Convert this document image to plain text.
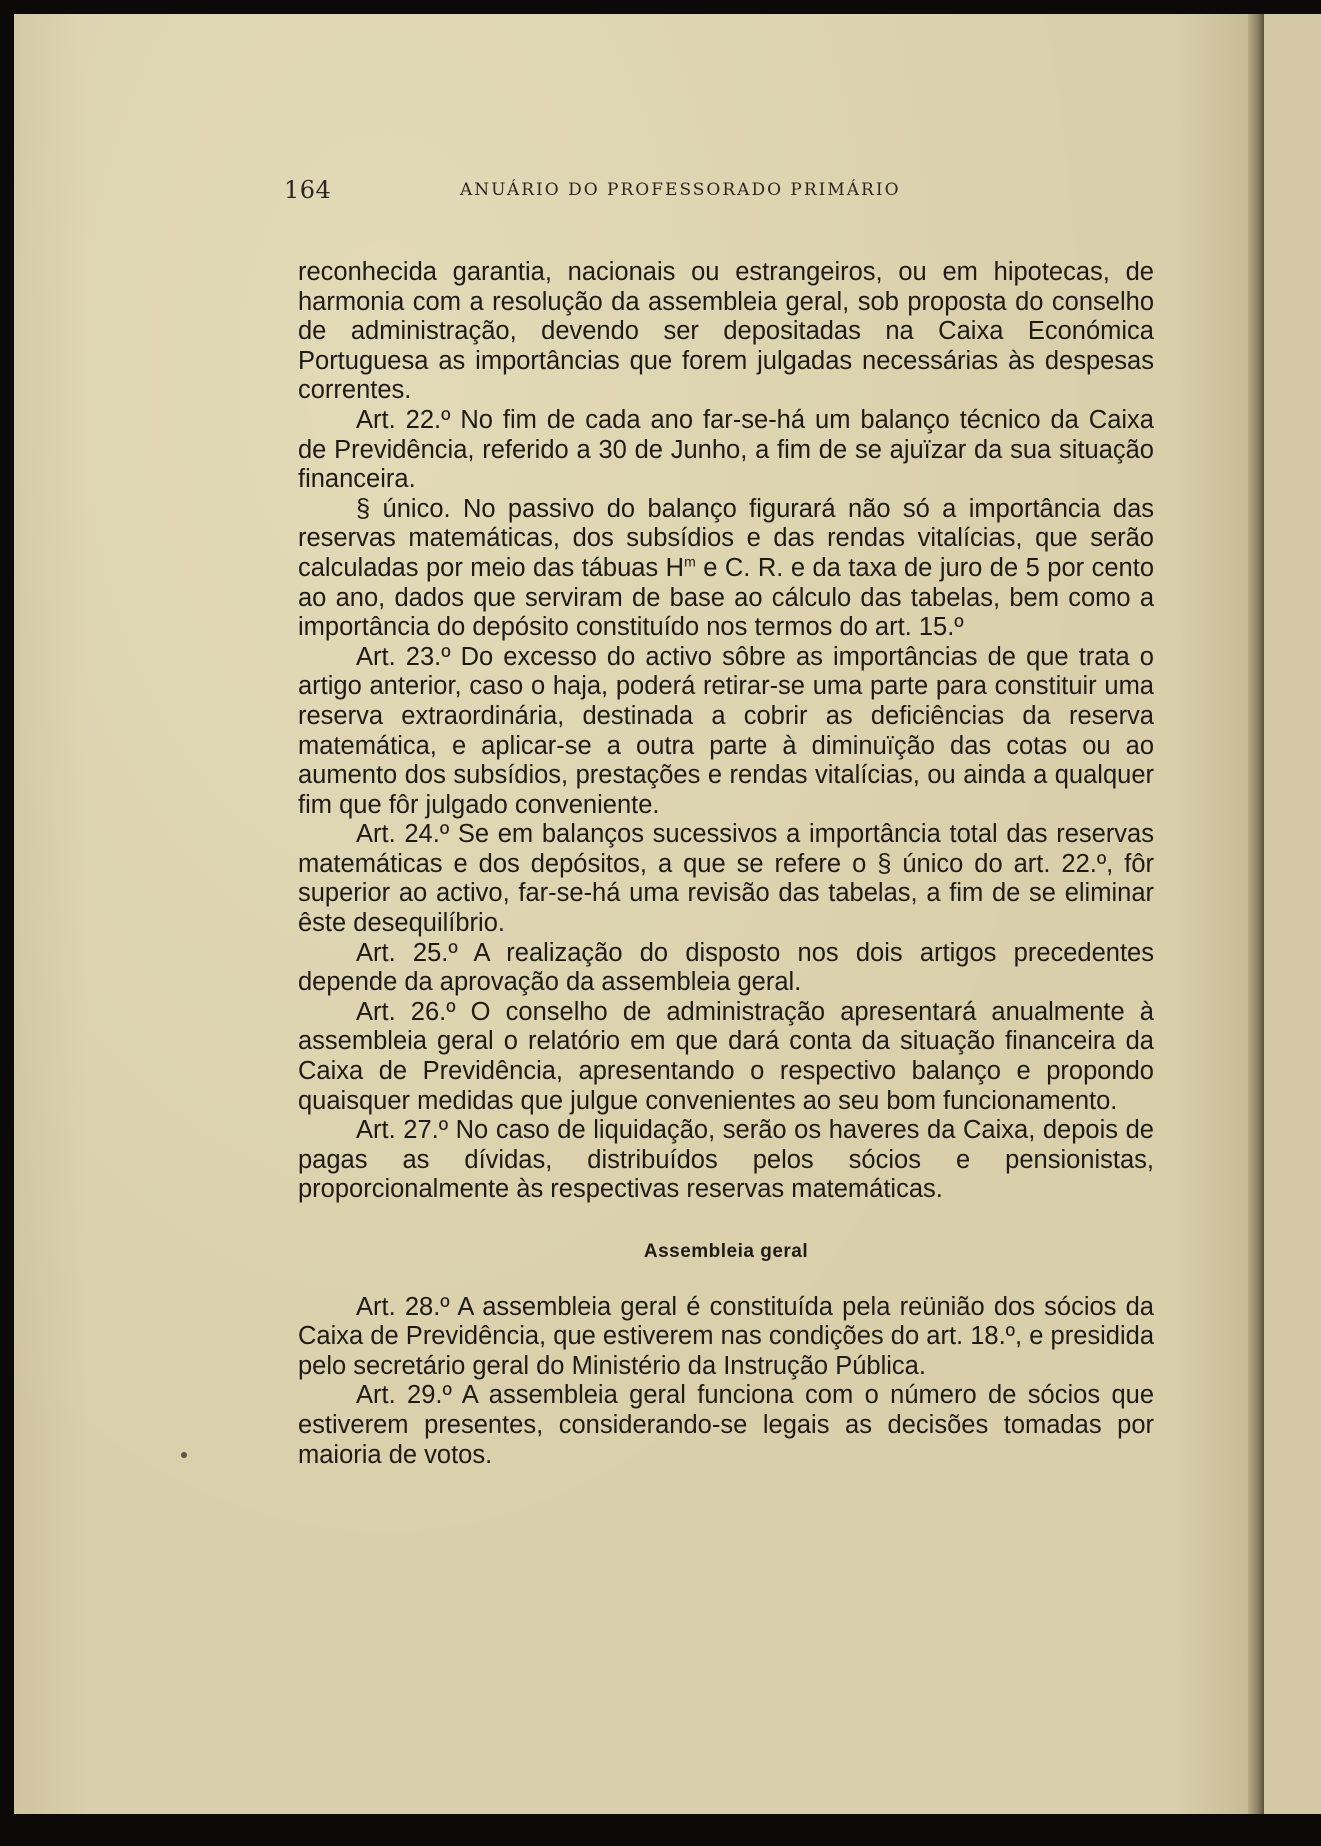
164	ANUÁRIO DO PROFESSORADO PRIMÁRIO

reconhecida garantia, nacionais ou estrangeiros, ou em hipotecas, de harmonia com a resolução da assembleia geral, sob proposta do conselho de administração, devendo ser depositadas na Caixa Económica Portuguesa as importâncias que forem julgadas necessárias às despesas correntes.

Art. 22.º No fim de cada ano far-se-há um balanço técnico da Caixa de Previdência, referido a 30 de Junho, a fim de se ajuïzar da sua situação financeira.

§ único. No passivo do balanço figurará não só a importância das reservas matemáticas, dos subsídios e das rendas vitalícias, que serão calculadas por meio das tábuas $H^m$ e C. R. e da taxa de juro de 5 por cento ao ano, dados que serviram de base ao cálculo das tabelas, bem como a importância do depósito constituído nos termos do art. 15.º

Art. 23.º Do excesso do activo sôbre as importâncias de que trata o artigo anterior, caso o haja, poderá retirar-se uma parte para constituir uma reserva extraordinária, destinada a cobrir as deficiências da reserva matemática, e aplicar-se a outra parte à diminuïção das cotas ou ao aumento dos subsídios, prestações e rendas vitalícias, ou ainda a qualquer fim que fôr julgado conveniente.

Art. 24.º Se em balanços sucessivos a importância total das reservas matemáticas e dos depósitos, a que se refere o § único do art. 22.º, fôr superior ao activo, far-se-há uma revisão das tabelas, a fim de se eliminar êste desequilíbrio.

Art. 25.º A realização do disposto nos dois artigos precedentes depende da aprovação da assembleia geral.

Art. 26.º O conselho de administração apresentará anualmente à assembleia geral o relatório em que dará conta da situação financeira da Caixa de Previdência, apresentando o respectivo balanço e propondo quaisquer medidas que julgue convenientes ao seu bom funcionamento.

Art. 27.º No caso de liquidação, serão os haveres da Caixa, depois de pagas as dívidas, distribuídos pelos sócios e pensionistas, proporcionalmente às respectivas reservas matemáticas.

Assembleia geral

Art. 28.º A assembleia geral é constituída pela reünião dos sócios da Caixa de Previdência, que estiverem nas condições do art. 18.º, e presidida pelo secretário geral do Ministério da Instrução Pública.

Art. 29.º A assembleia geral funciona com o número de sócios que estiverem presentes, considerando-se legais as decisões tomadas por maioria de votos.
